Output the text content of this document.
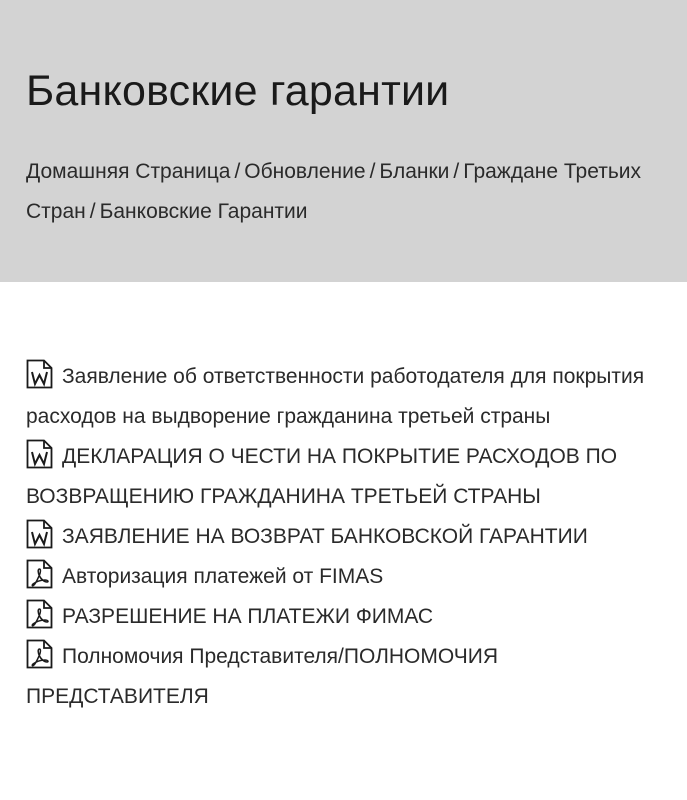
Банковские гарантии
Домашняя Страница / Обновление / Бланки / Граждане Третьих Стран / Банковские Гарантии
Заявление об ответственности работодателя для покрытия расходов на выдворение гражданина третьей страны
ДЕКЛАРАЦИЯ О ЧЕСТИ НА ПОКРЫТИЕ РАСХОДОВ ПО ВОЗВРАЩЕНИЮ ГРАЖДАНИНА ТРЕТЬЕЙ СТРАНЫ
ЗАЯВЛЕНИЕ НА ВОЗВРАТ БАНКОВСКОЙ ГАРАНТИИ
Авторизация платежей от FIMAS
РАЗРЕШЕНИЕ НА ПЛАТЕЖИ ФИМАС
Полномочия Представителя/ПОЛНОМОЧИЯ ПРЕДСТАВИТЕЛЯ
